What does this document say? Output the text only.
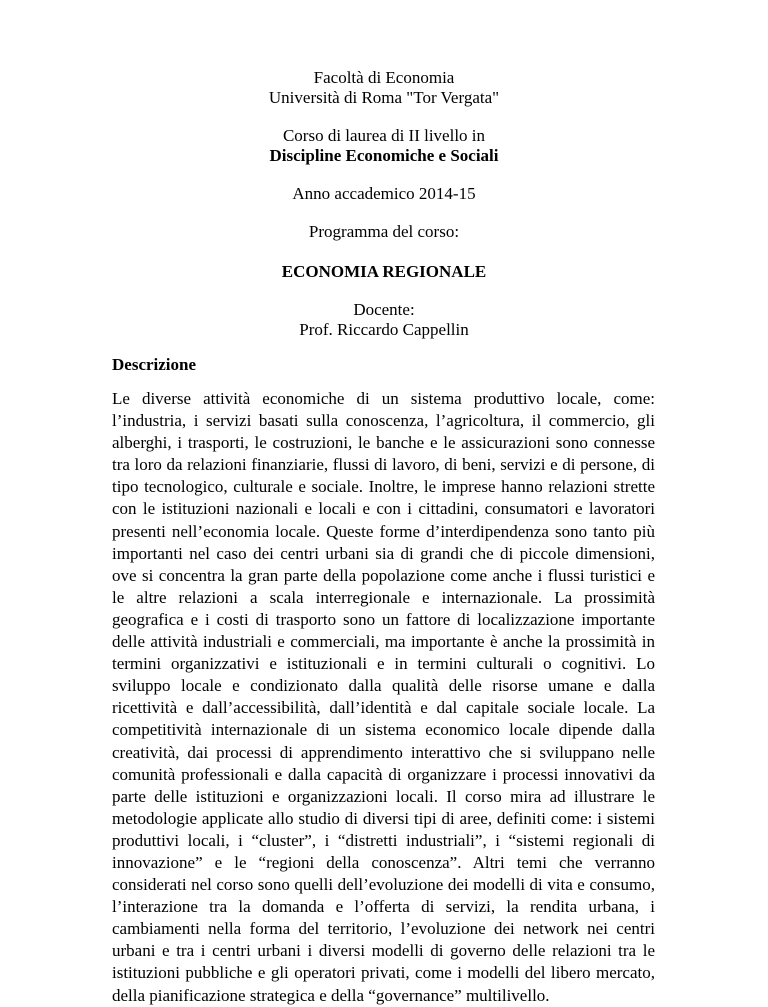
Facoltà di Economia

Università di Roma "Tor Vergata"

Corso di laurea di II livello in

Discipline Economiche e Sociali

Anno accademico 2014-15

Programma del corso:

ECONOMIA REGIONALE

Docente:

Prof. Riccardo Cappellin

Descrizione

Le diverse attività economiche di un sistema produttivo locale, come: l’industria, i servizi basati sulla conoscenza, l’agricoltura, il commercio, gli alberghi, i trasporti, le costruzioni, le banche e le assicurazioni sono connesse tra loro da relazioni finanziarie, flussi di lavoro, di beni, servizi e di persone, di tipo tecnologico, culturale e sociale. Inoltre, le imprese hanno relazioni strette con le istituzioni nazionali e locali e con i cittadini, consumatori e lavoratori presenti nell’economia locale. Queste forme d’interdipendenza sono tanto più importanti nel caso dei centri urbani sia di grandi che di piccole dimensioni, ove si concentra la gran parte della popolazione come anche i flussi turistici e le altre relazioni a scala interregionale e internazionale. La prossimità geografica e i costi di trasporto sono un fattore di localizzazione importante delle attività industriali e commerciali, ma importante è anche la prossimità in termini organizzativi e istituzionali e in termini culturali o cognitivi. Lo sviluppo locale e condizionato dalla qualità delle risorse umane e dalla ricettività e dall’accessibilità, dall’identità e dal capitale sociale locale. La competitività internazionale di un sistema economico locale dipende dalla creatività, dai processi di apprendimento interattivo che si sviluppano nelle comunità professionali e dalla capacità di organizzare i processi innovativi da parte delle istituzioni e organizzazioni locali. Il corso mira ad illustrare le metodologie applicate allo studio di diversi tipi di aree, definiti come: i sistemi produttivi locali, i “cluster”, i “distretti industriali”, i “sistemi regionali di innovazione” e le “regioni della conoscenza”. Altri temi che verranno considerati nel corso sono quelli dell’evoluzione dei modelli di vita e consumo, l’interazione tra la domanda e l’offerta di servizi, la rendita urbana, i cambiamenti nella forma del territorio, l’evoluzione dei network nei centri urbani e tra i centri urbani i diversi modelli di governo delle relazioni tra le istituzioni pubbliche e gli operatori privati, come i modelli del libero mercato, della pianificazione strategica e della “governance” multilivello.
